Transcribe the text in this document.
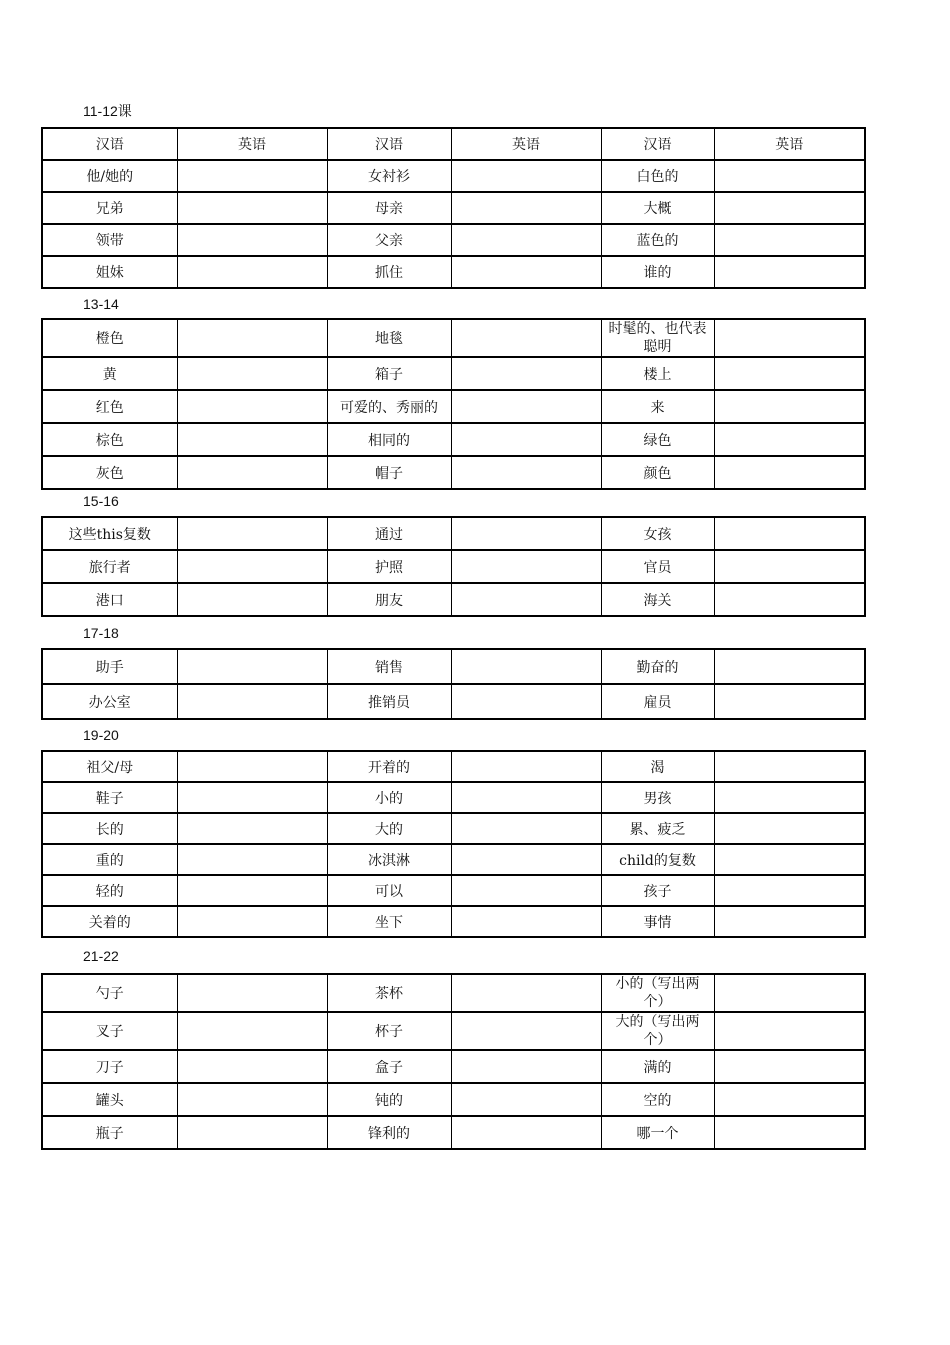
11-12课
汉语	英语	汉语	英语	汉语	英语
他/她的		女衬衫		白色的	
兄弟		母亲		大概	
领带		父亲		蓝色的	
姐妹		抓住		谁的	
13-14
橙色		地毯		时髦的、也代表聪明	
黄		箱子		楼上	
红色		可爱的、秀丽的		来	
棕色		相同的		绿色	
灰色		帽子		颜色	
15-16
这些this复数		通过		女孩	
旅行者		护照		官员	
港口		朋友		海关	
17-18
助手		销售		勤奋的	
办公室		推销员		雇员	
19-20
祖父/母		开着的		渴	
鞋子		小的		男孩	
长的		大的		累、疲乏	
重的		冰淇淋		child的复数	
轻的		可以		孩子	
关着的		坐下		事情	
21-22
勺子		茶杯		小的（写出两个）	
叉子		杯子		大的（写出两个）	
刀子		盒子		满的	
罐头		钝的		空的	
瓶子		锋利的		哪一个	
